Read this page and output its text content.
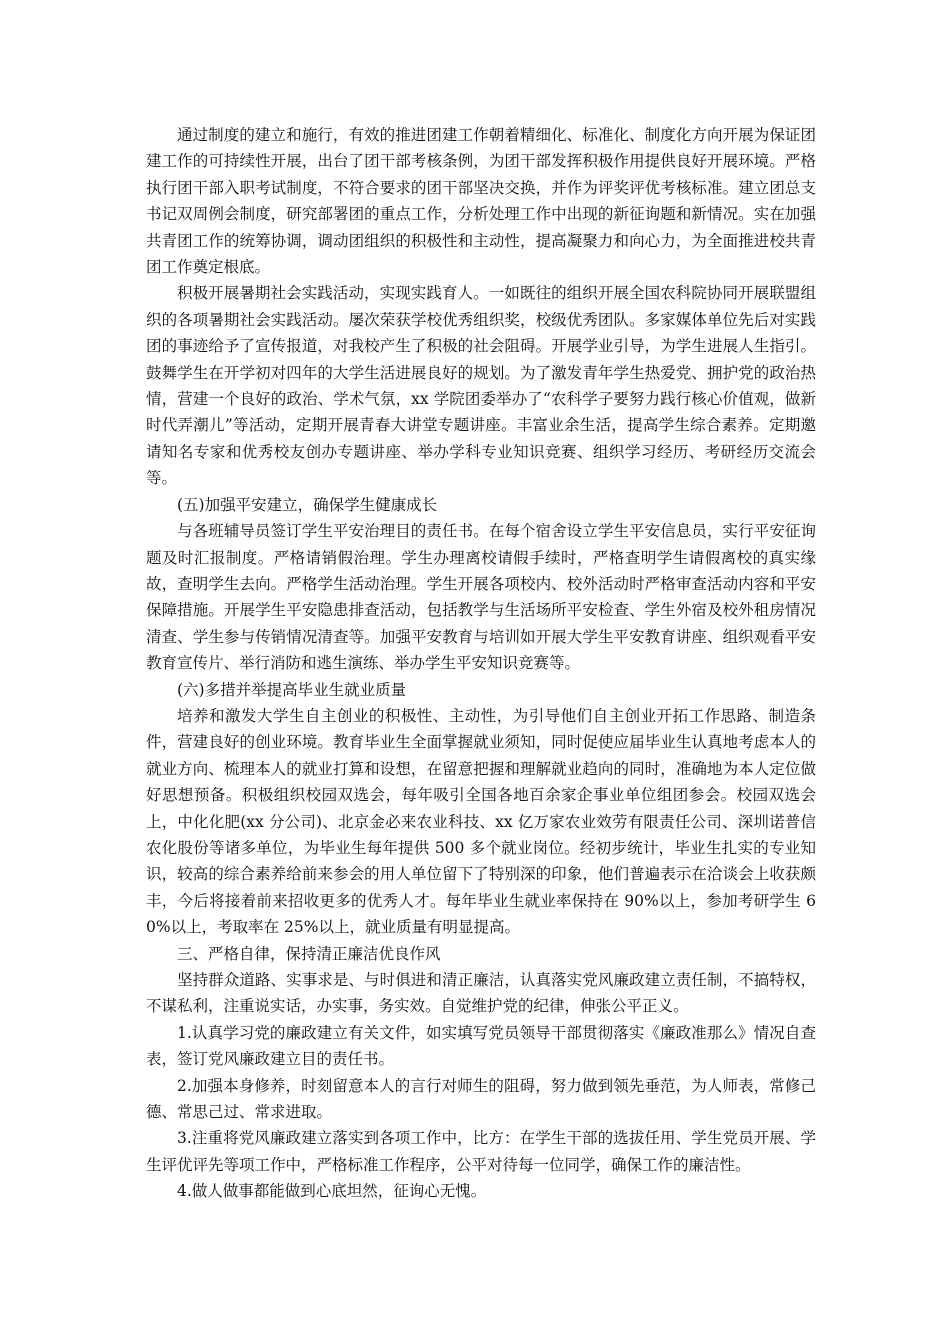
通过制度的建立和施行，有效的推进团建工作朝着精细化、标准化、制度化方向开展为保证团建工作的可持续性开展，出台了团干部考核条例，为团干部发挥积极作用提供良好开展环境。严格执行团干部入职考试制度，不符合要求的团干部坚决交换，并作为评奖评优考核标准。建立团总支书记双周例会制度，研究部署团的重点工作，分析处理工作中出现的新征询题和新情况。实在加强共青团工作的统筹协调，调动团组织的积极性和主动性，提高凝聚力和向心力，为全面推进校共青团工作奠定根底。

积极开展暑期社会实践活动，实现实践育人。一如既往的组织开展全国农科院协同开展联盟组织的各项暑期社会实践活动。屡次荣获学校优秀组织奖，校级优秀团队。多家媒体单位先后对实践团的事迹给予了宣传报道，对我校产生了积极的社会阻碍。开展学业引导，为学生进展人生指引。鼓舞学生在开学初对四年的大学生活进展良好的规划。为了激发青年学生热爱党、拥护党的政治热情，营建一个良好的政治、学术气氛，xx 学院团委举办了“农科学子要努力践行核心价值观，做新时代弄潮儿”等活动，定期开展青春大讲堂专题讲座。丰富业余生活，提高学生综合素养。定期邀请知名专家和优秀校友创办专题讲座、举办学科专业知识竞赛、组织学习经历、考研经历交流会等。

(五)加强平安建立，确保学生健康成长

与各班辅导员签订学生平安治理目的责任书。在每个宿舍设立学生平安信息员，实行平安征询题及时汇报制度。严格请销假治理。学生办理离校请假手续时，严格查明学生请假离校的真实缘故，查明学生去向。严格学生活动治理。学生开展各项校内、校外活动时严格审查活动内容和平安保障措施。开展学生平安隐患排查活动，包括教学与生活场所平安检查、学生外宿及校外租房情况清查、学生参与传销情况清查等。加强平安教育与培训如开展大学生平安教育讲座、组织观看平安教育宣传片、举行消防和逃生演练、举办学生平安知识竞赛等。

(六)多措并举提高毕业生就业质量

培养和激发大学生自主创业的积极性、主动性，为引导他们自主创业开拓工作思路、制造条件，营建良好的创业环境。教育毕业生全面掌握就业须知，同时促使应届毕业生认真地考虑本人的就业方向、梳理本人的就业打算和设想，在留意把握和理解就业趋向的同时，准确地为本人定位做好思想预备。积极组织校园双选会，每年吸引全国各地百余家企事业单位组团参会。校园双选会上，中化化肥(xx 分公司)、北京金必来农业科技、xx 亿万家农业效劳有限责任公司、深圳诺普信农化股份等诸多单位，为毕业生每年提供 500 多个就业岗位。经初步统计，毕业生扎实的专业知识，较高的综合素养给前来参会的用人单位留下了特别深的印象，他们普遍表示在洽谈会上收获颇丰，今后将接着前来招收更多的优秀人才。每年毕业生就业率保持在 90%以上，参加考研学生 60%以上，考取率在 25%以上，就业质量有明显提高。

三、严格自律，保持清正廉洁优良作风

坚持群众道路、实事求是、与时俱进和清正廉洁，认真落实党风廉政建立责任制，不搞特权，不谋私利，注重说实话，办实事，务实效。自觉维护党的纪律，伸张公平正义。

1.认真学习党的廉政建立有关文件，如实填写党员领导干部贯彻落实《廉政准那么》情况自查表，签订党风廉政建立目的责任书。

2.加强本身修养，时刻留意本人的言行对师生的阻碍，努力做到领先垂范，为人师表，常修己德、常思己过、常求进取。

3.注重将党风廉政建立落实到各项工作中，比方：在学生干部的选拔任用、学生党员开展、学生评优评先等项工作中，严格标准工作程序，公平对待每一位同学，确保工作的廉洁性。

4.做人做事都能做到心底坦然，征询心无愧。
